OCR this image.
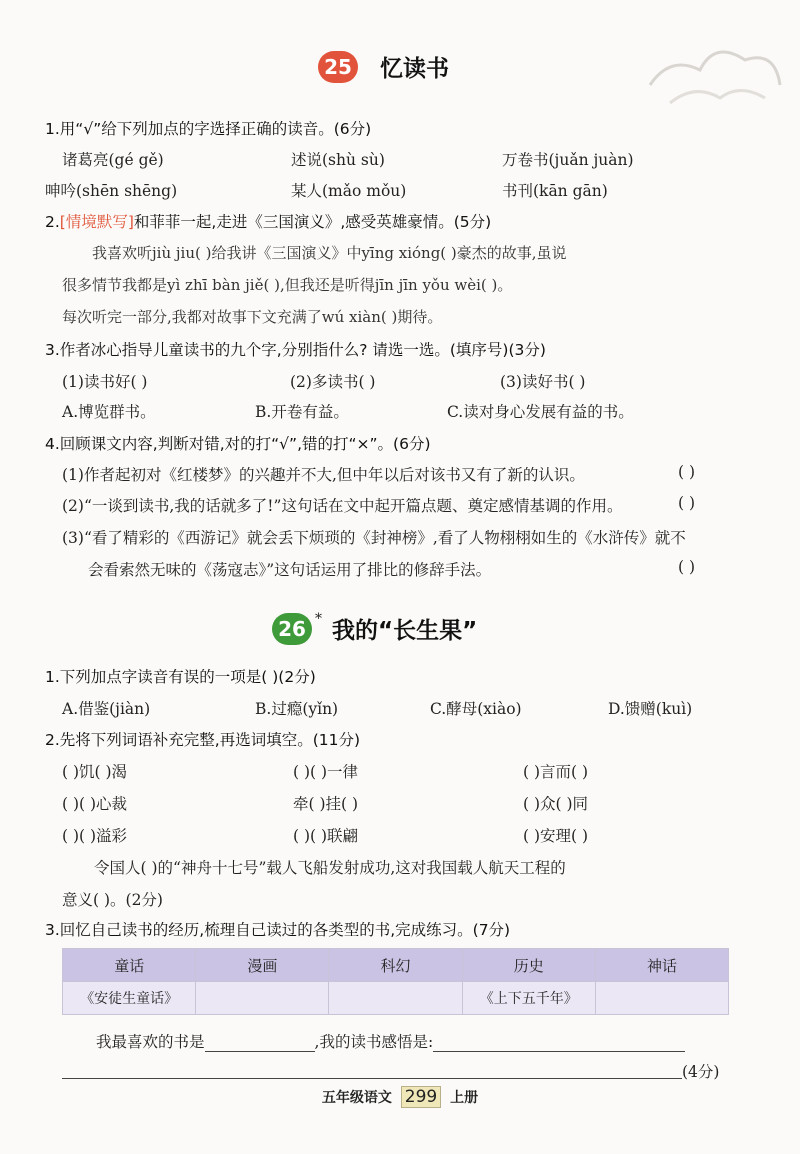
25 忆读书
1.用“√”给下列加点的字选择正确的读音。(6分)
诸葛亮(gé gě)	述说(shù sù)	万卷书(juǎn juàn)
呻吟(shēn shēng)	某人(mǎo mǒu)	书刊(kān gān)
2.[情境默写]和菲菲一起,走进《三国演义》,感受英雄豪情。(5分)
我喜欢听jiù jiu( )给我讲《三国演义》中yīng xióng( )豪杰的故事,虽说
很多情节我都是yì zhī bàn jiě( ),但我还是听得jīn jīn yǒu wèi( )。
每次听完一部分,我都对故事下文充满了wú xiàn( )期待。
3.作者冰心指导儿童读书的九个字,分别指什么? 请选一选。(填序号)(3分)
(1)读书好( )	(2)多读书( )	(3)读好书( )
A.博览群书。	B.开卷有益。	C.读对身心发展有益的书。
4.回顾课文内容,判断对错,对的打“√”,错的打“×”。(6分)
(1)作者起初对《红楼梦》的兴趣并不大,但中年以后对该书又有了新的认识。	( )
(2)“一谈到读书,我的话就多了!”这句话在文中起开篇点题、奠定感情基调的作用。	( )
(3)“看了精彩的《西游记》就会丢下烦琐的《封神榜》,看了人物栩栩如生的《水浒传》就不
会看索然无味的《荡寇志》”这句话运用了排比的修辞手法。	( )
26 * 我的“长生果”
1.下列加点字读音有误的一项是( )(2分)
A.借鉴(jiàn)	B.过瘾(yǐn)	C.酵母(xiào)	D.馈赠(kuì)
2.先将下列词语补充完整,再选词填空。(11分)
( )饥( )渴	( )( )一律	( )言而( )
( )( )心裁	牵( )挂( )	( )众( )同
( )( )溢彩	( )( )联翩	( )安理( )
令国人( )的“神舟十七号”载人飞船发射成功,这对我国载人航天工程的
意义( )。(2分)
3.回忆自己读书的经历,梳理自己读过的各类型的书,完成练习。(7分)
童话	漫画	科幻	历史	神话
《安徒生童话》			《上下五千年》	
我最喜欢的书是	,我的读书感悟是:
(4分)
五年级语文 299 上册
